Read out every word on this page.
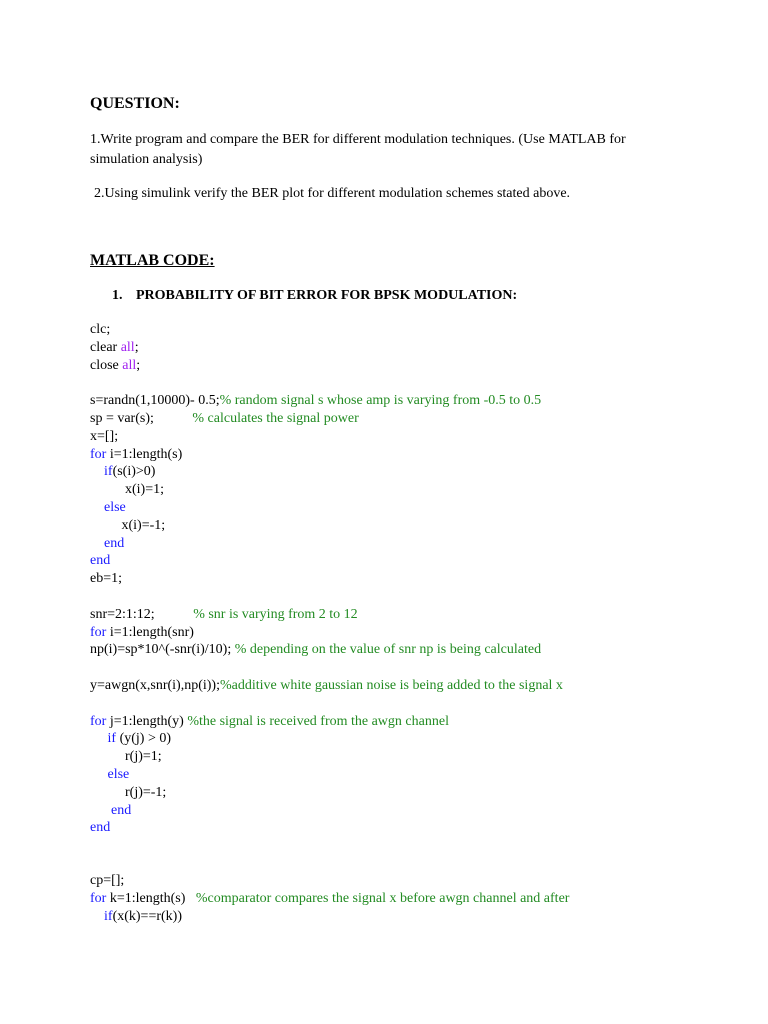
QUESTION:
1.Write program and compare the BER for different modulation techniques. (Use MATLAB for
simulation analysis)
2.Using simulink verify the BER plot for different modulation schemes stated above.
MATLAB CODE:
1. PROBABILITY OF BIT ERROR FOR BPSK MODULATION:
clc;
clear all;
close all;

s=randn(1,10000)- 0.5;% random signal s whose amp is varying from -0.5 to 0.5
sp = var(s);           % calculates the signal power
x=[];
for i=1:length(s)
if(s(i)>0)
x(i)=1;
else
x(i)=-1;
end
end
eb=1;

snr=2:1:12;           % snr is varying from 2 to 12
for i=1:length(snr)
np(i)=sp*10^(-snr(i)/10); % depending on the value of snr np is being calculated

y=awgn(x,snr(i),np(i));%additive white gaussian noise is being added to the signal x

for j=1:length(y) %the signal is received from the awgn channel
if (y(j) > 0)
r(j)=1;
else
r(j)=-1;
end
end
cp=[];
for k=1:length(s)   %comparator compares the signal x before awgn channel and after
if(x(k)==r(k))
